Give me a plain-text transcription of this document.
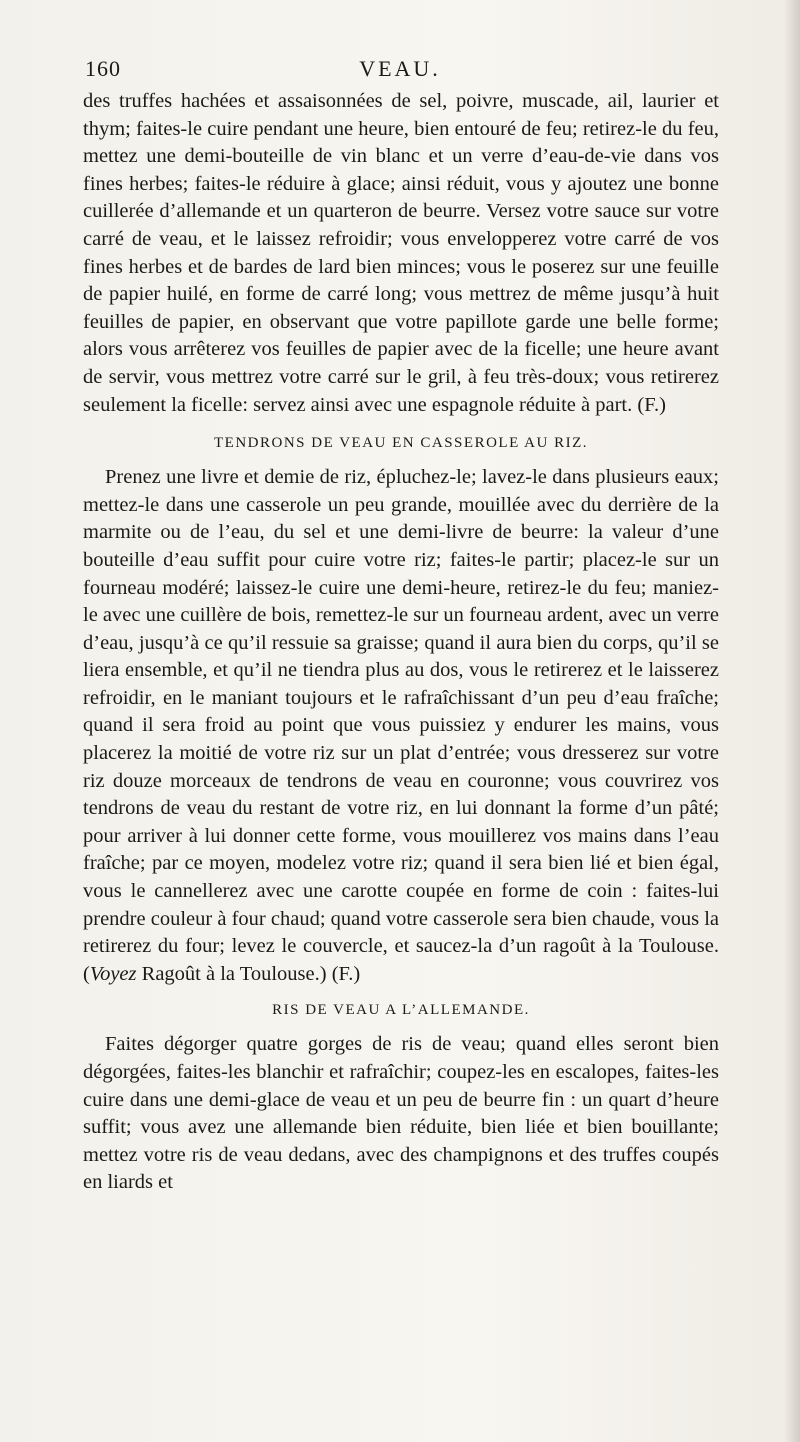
160	VEAU.

des truffes hachées et assaisonnées de sel, poivre, muscade, ail, laurier et thym; faites-le cuire pendant une heure, bien entouré de feu; retirez-le du feu, mettez une demi-bouteille de vin blanc et un verre d’eau-de-vie dans vos fines herbes; faites-le réduire à glace; ainsi réduit, vous y ajoutez une bonne cuillerée d’allemande et un quarteron de beurre. Versez votre sauce sur votre carré de veau, et le laissez refroidir; vous envelopperez votre carré de vos fines herbes et de bardes de lard bien minces; vous le poserez sur une feuille de papier huilé, en forme de carré long; vous mettrez de même jusqu’à huit feuilles de papier, en observant que votre papillote garde une belle forme; alors vous arrêterez vos feuilles de papier avec de la ficelle; une heure avant de servir, vous mettrez votre carré sur le gril, à feu très-doux; vous retirerez seulement la ficelle: servez ainsi avec une espagnole réduite à part. (F.)

TENDRONS DE VEAU EN CASSEROLE AU RIZ.

Prenez une livre et demie de riz, épluchez-le; lavez-le dans plusieurs eaux; mettez-le dans une casserole un peu grande, mouillée avec du derrière de la marmite ou de l’eau, du sel et une demi-livre de beurre: la valeur d’une bouteille d’eau suffit pour cuire votre riz; faites-le partir; placez-le sur un fourneau modéré; laissez-le cuire une demi-heure, retirez-le du feu; maniez-le avec une cuillère de bois, remettez-le sur un fourneau ardent, avec un verre d’eau, jusqu’à ce qu’il ressuie sa graisse; quand il aura bien du corps, qu’il se liera ensemble, et qu’il ne tiendra plus au dos, vous le retirerez et le laisserez refroidir, en le maniant toujours et le rafraîchissant d’un peu d’eau fraîche; quand il sera froid au point que vous puissiez y endurer les mains, vous placerez la moitié de votre riz sur un plat d’entrée; vous dresserez sur votre riz douze morceaux de tendrons de veau en couronne; vous couvrirez vos tendrons de veau du restant de votre riz, en lui donnant la forme d’un pâté; pour arriver à lui donner cette forme, vous mouillerez vos mains dans l’eau fraîche; par ce moyen, modelez votre riz; quand il sera bien lié et bien égal, vous le cannellerez avec une carotte coupée en forme de coin : faites-lui prendre couleur à four chaud; quand votre casserole sera bien chaude, vous la retirerez du four; levez le couvercle, et saucez-la d’un ragoût à la Toulouse. (Voyez Ragoût à la Toulouse.) (F.)

RIS DE VEAU A L’ALLEMANDE.

Faites dégorger quatre gorges de ris de veau; quand elles seront bien dégorgées, faites-les blanchir et rafraîchir; coupez-les en escalopes, faites-les cuire dans une demi-glace de veau et un peu de beurre fin : un quart d’heure suffit; vous avez une allemande bien réduite, bien liée et bien bouillante; mettez votre ris de veau dedans, avec des champignons et des truffes coupés en liards et
